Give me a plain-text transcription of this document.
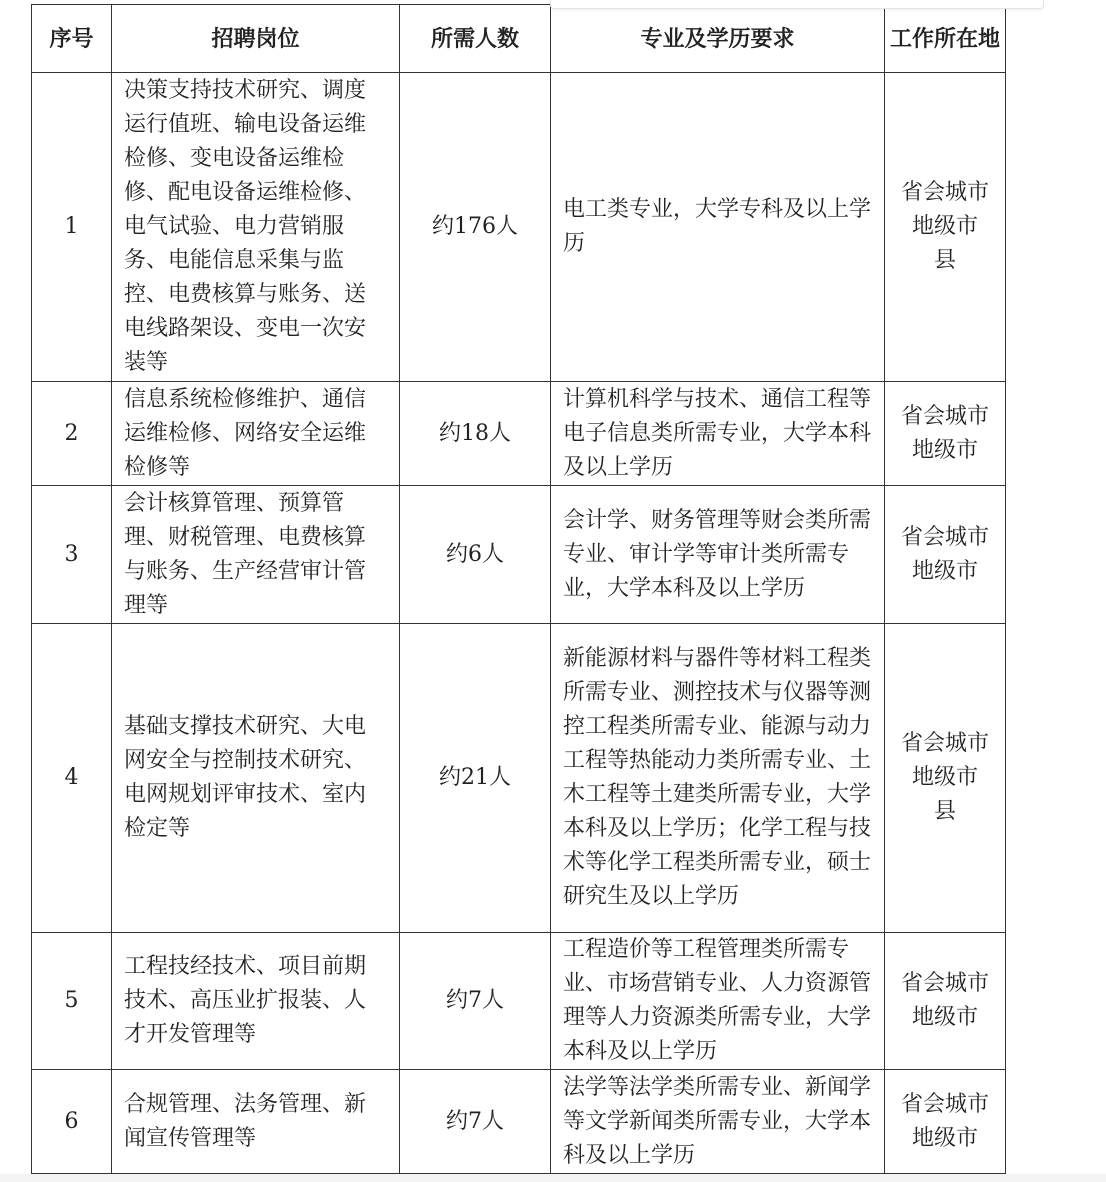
序号	招聘岗位	所需人数	专业及学历要求	工作所在地
1	决策支持技术研究、调度运行值班、输电设备运维检修、变电设备运维检修、配电设备运维检修、电气试验、电力营销服务、电能信息采集与监控、电费核算与账务、送电线路架设、变电一次安装等	约176人	电工类专业，大学专科及以上学历	省会城市
地级市
县
2	信息系统检修维护、通信运维检修、网络安全运维检修等	约18人	计算机科学与技术、通信工程等电子信息类所需专业，大学本科及以上学历	省会城市
地级市
3	会计核算管理、预算管理、财税管理、电费核算与账务、生产经营审计管理等	约6人	会计学、财务管理等财会类所需专业、审计学等审计类所需专业，大学本科及以上学历	省会城市
地级市
4	基础支撑技术研究、大电网安全与控制技术研究、电网规划评审技术、室内检定等	约21人	新能源材料与器件等材料工程类所需专业、测控技术与仪器等测控工程类所需专业、能源与动力工程等热能动力类所需专业、土木工程等土建类所需专业，大学本科及以上学历；化学工程与技术等化学工程类所需专业，硕士研究生及以上学历	省会城市
地级市
县
5	工程技经技术、项目前期技术、高压业扩报装、人才开发管理等	约7人	工程造价等工程管理类所需专业、市场营销专业、人力资源管理等人力资源类所需专业，大学本科及以上学历	省会城市
地级市
6	合规管理、法务管理、新闻宣传管理等	约7人	法学等法学类所需专业、新闻学等文学新闻类所需专业，大学本科及以上学历	省会城市
地级市
